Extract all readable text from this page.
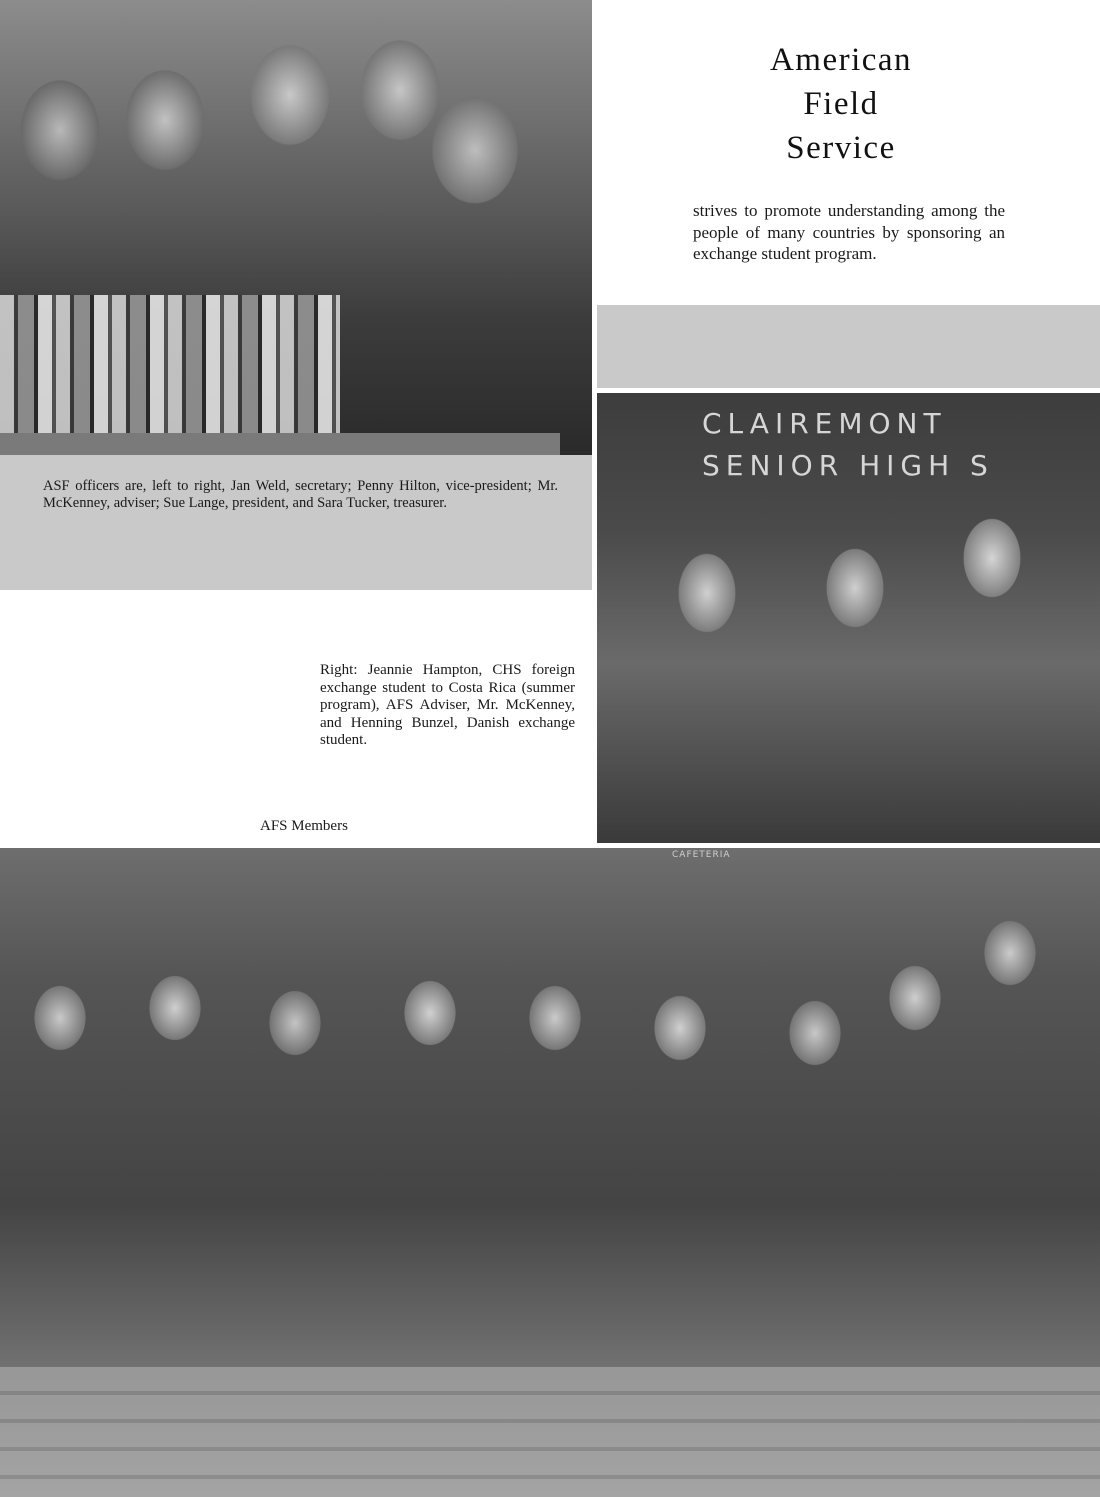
American
Field
Service
strives to promote understanding among the people of many countries by sponsoring an exchange student program.
ASF officers are, left to right, Jan Weld, secretary; Penny Hilton, vice-president; Mr. McKenney, adviser; Sue Lange, president, and Sara Tucker, treasurer.
Right: Jeannie Hampton, CHS foreign exchange student to Costa Rica (summer program), AFS Adviser, Mr. McKenney, and Henning Bunzel, Danish exchange student.
CLAIREMONT
SENIOR HIGH S
AFS Members
CAFETERIA
